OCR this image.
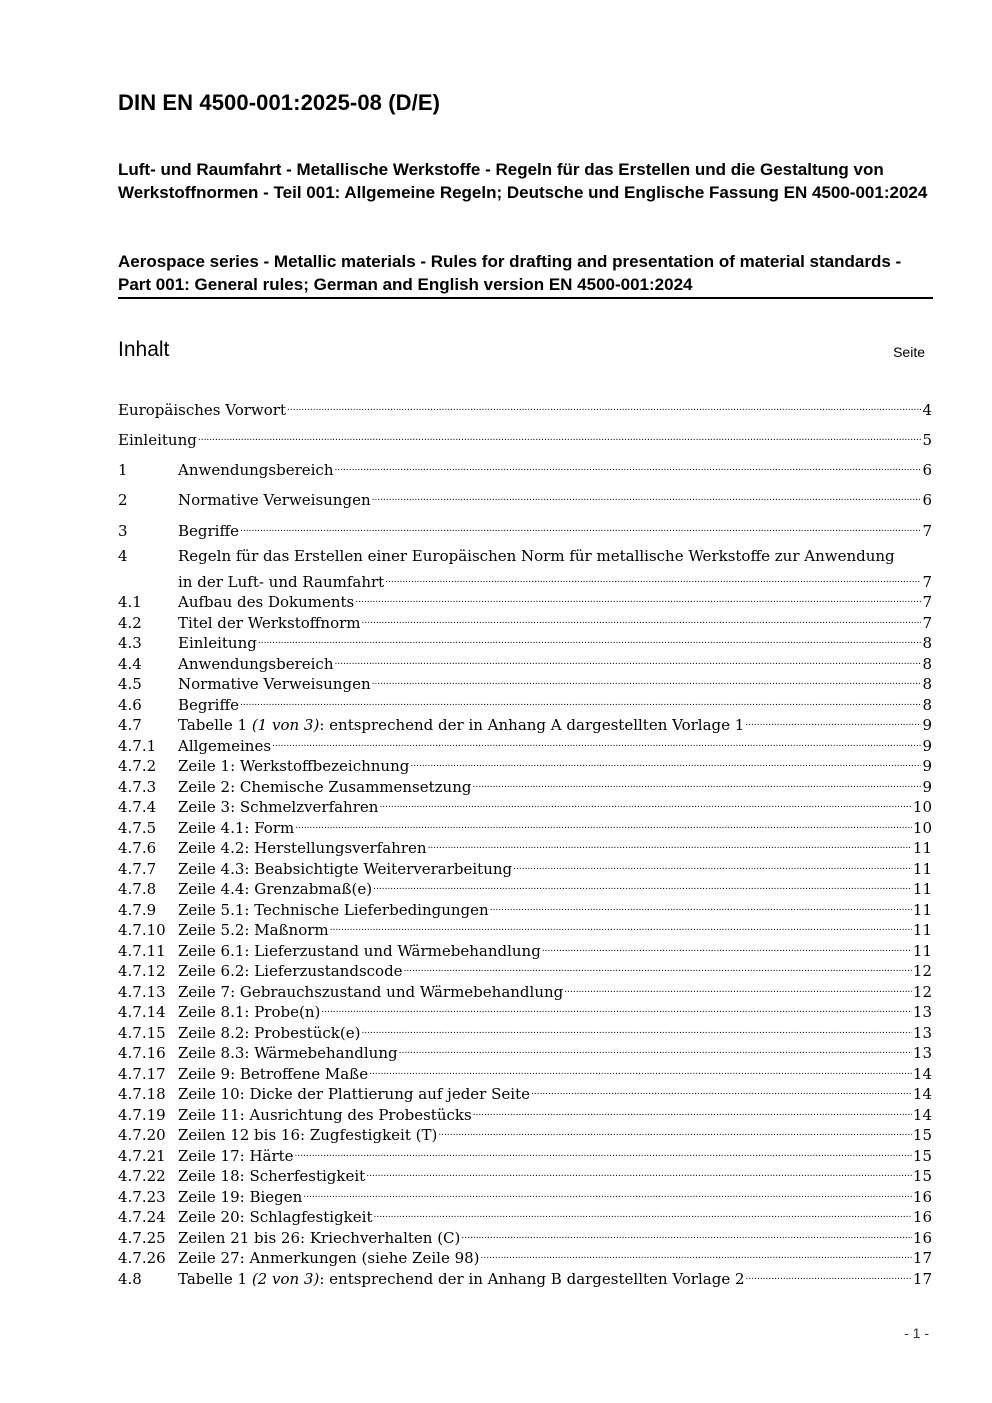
DIN EN 4500-001:2025-08 (D/E)
Luft- und Raumfahrt - Metallische Werkstoffe - Regeln für das Erstellen und die Gestaltung von Werkstoffnormen - Teil 001: Allgemeine Regeln; Deutsche und Englische Fassung EN 4500-001:2024
Aerospace series - Metallic materials - Rules for drafting and presentation of material standards - Part 001: General rules; German and English version EN 4500-001:2024
Inhalt	Seite
Europäisches Vorwort .....	4
Einleitung .....	5
1	Anwendungsbereich .....	6
2	Normative Verweisungen .....	6
3	Begriffe .....	7
4	Regeln für das Erstellen einer Europäischen Norm für metallische Werkstoffe zur Anwendung
in der Luft- und Raumfahrt .....	7
4.1	Aufbau des Dokuments .....	7
4.2	Titel der Werkstoffnorm .....	7
4.3	Einleitung .....	8
4.4	Anwendungsbereich .....	8
4.5	Normative Verweisungen .....	8
4.6	Begriffe .....	8
4.7	Tabelle 1 (1 von 3): entsprechend der in Anhang A dargestellten Vorlage 1 .....	9
4.7.1	Allgemeines .....	9
4.7.2	Zeile 1: Werkstoffbezeichnung .....	9
4.7.3	Zeile 2: Chemische Zusammensetzung .....	9
4.7.4	Zeile 3: Schmelzverfahren .....	10
4.7.5	Zeile 4.1: Form .....	10
4.7.6	Zeile 4.2: Herstellungsverfahren .....	11
4.7.7	Zeile 4.3: Beabsichtigte Weiterverarbeitung .....	11
4.7.8	Zeile 4.4: Grenzabmaß(e) .....	11
4.7.9	Zeile 5.1: Technische Lieferbedingungen .....	11
4.7.10 Zeile 5.2: Maßnorm .....	11
4.7.11 Zeile 6.1: Lieferzustand und Wärmebehandlung .....	11
4.7.12 Zeile 6.2: Lieferzustandscode .....	12
4.7.13 Zeile 7: Gebrauchszustand und Wärmebehandlung .....	12
4.7.14 Zeile 8.1: Probe(n) .....	13
4.7.15 Zeile 8.2: Probestück(e) .....	13
4.7.16 Zeile 8.3: Wärmebehandlung .....	13
4.7.17 Zeile 9: Betroffene Maße .....	14
4.7.18 Zeile 10: Dicke der Plattierung auf jeder Seite .....	14
4.7.19 Zeile 11: Ausrichtung des Probestücks .....	14
4.7.20 Zeilen 12 bis 16: Zugfestigkeit (T) .....	15
4.7.21 Zeile 17: Härte .....	15
4.7.22 Zeile 18: Scherfestigkeit .....	15
4.7.23 Zeile 19: Biegen .....	16
4.7.24 Zeile 20: Schlagfestigkeit .....	16
4.7.25 Zeilen 21 bis 26: Kriechverhalten (C) .....	16
4.7.26 Zeile 27: Anmerkungen (siehe Zeile 98) .....	17
4.8	Tabelle 1 (2 von 3): entsprechend der in Anhang B dargestellten Vorlage 2 .....	17
- 1 -
